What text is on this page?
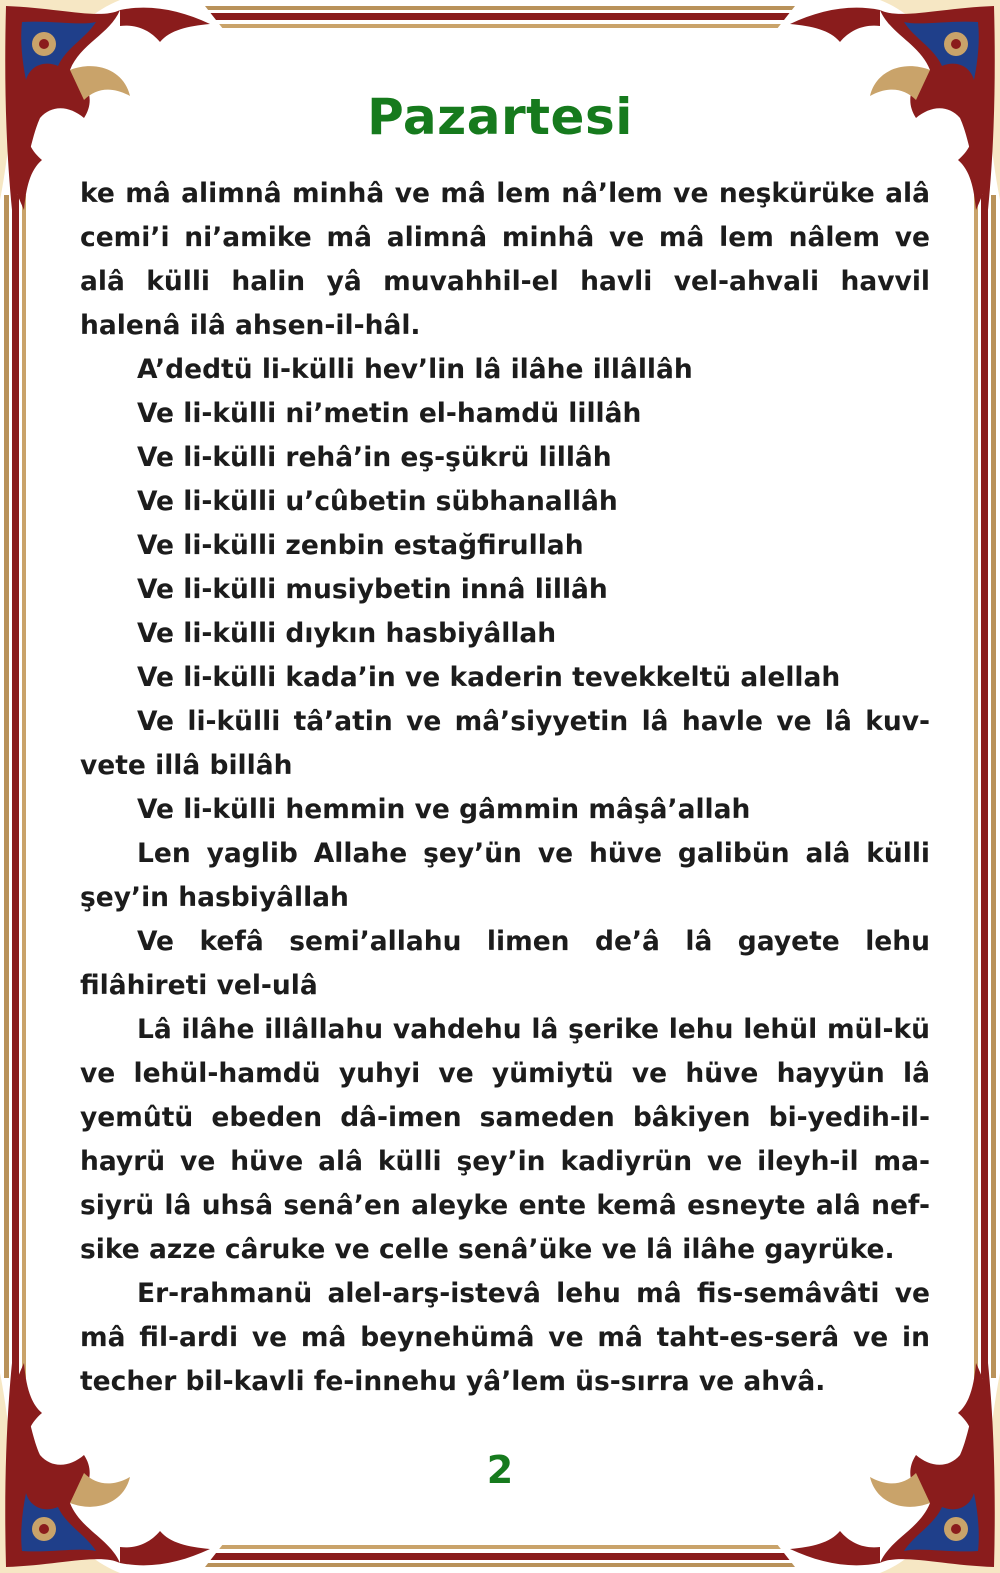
Pazartesi

ke mâ alimnâ minhâ ve mâ lem nâ’lem ve neşkürüke alâ cemi’i ni’amike mâ alimnâ minhâ ve mâ lem nâlem ve alâ külli halin yâ muvahhil-el havli vel-ahvali havvil halenâ ilâ ahsen-il-hâl.

A’dedtü li-külli hev’lin lâ ilâhe illâllâh

Ve li-külli ni’metin el-hamdü lillâh

Ve li-külli rehâ’in eş-şükrü lillâh

Ve li-külli u’cûbetin sübhanallâh

Ve li-külli zenbin estağfirullah

Ve li-külli musiybetin innâ lillâh

Ve li-külli dıykın hasbiyâllah

Ve li-külli kada’in ve kaderin tevekkeltü alellah

Ve li-külli tâ’atin ve mâ’siyyetin lâ havle ve lâ kuv-vete illâ billâh

Ve li-külli hemmin ve gâmmin mâşâ’allah

Len yaglib Allahe şey’ün ve hüve galibün alâ külli şey’in hasbiyâllah

Ve kefâ semi’allahu limen de’â lâ gayete lehu filâhireti vel-ulâ

Lâ ilâhe illâllahu vahdehu lâ şerike lehu lehül mül-kü ve lehül-hamdü yuhyi ve yümiytü ve hüve hayyün lâ yemûtü ebeden dâ-imen sameden bâkiyen bi-yedih-il-hayrü ve hüve alâ külli şey’in kadiyrün ve ileyh-il ma-siyrü lâ uhsâ senâ’en aleyke ente kemâ esneyte alâ nef-sike azze câruke ve celle senâ’üke ve lâ ilâhe gayrüke.

Er-rahmanü alel-arş-istevâ lehu mâ fis-semâvâti ve mâ fil-ardi ve mâ beynehümâ ve mâ taht-es-serâ ve in techer bil-kavli fe-innehu yâ’lem üs-sırra ve ahvâ.

2
